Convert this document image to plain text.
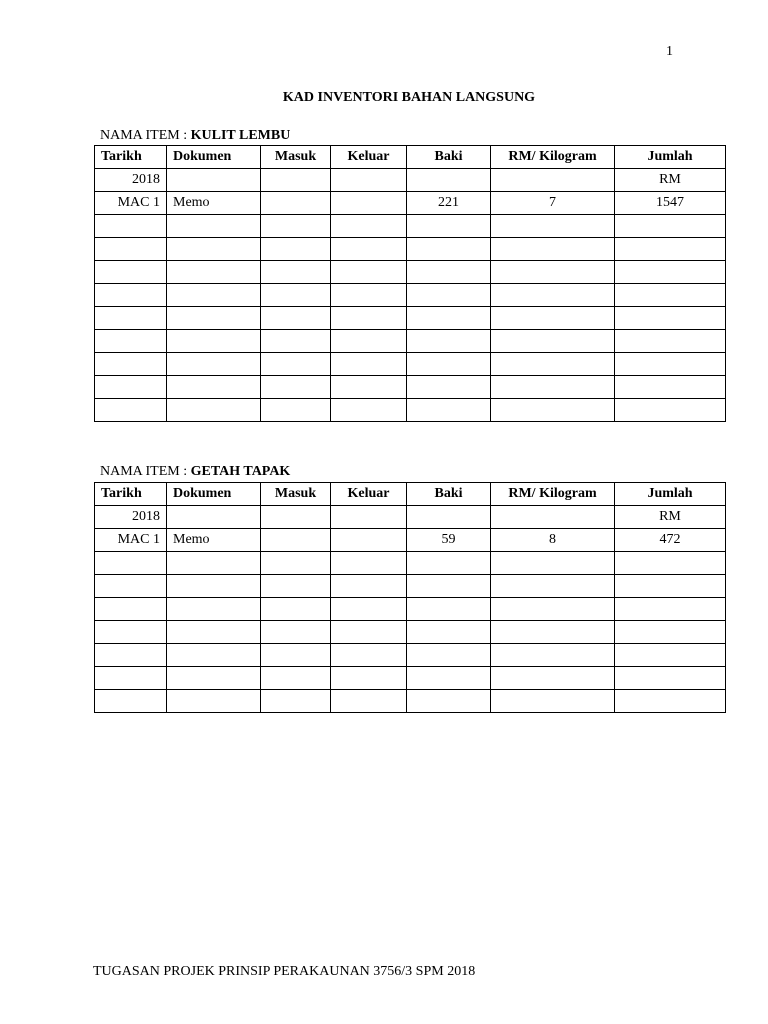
1
KAD INVENTORI BAHAN LANGSUNG
NAMA ITEM : KULIT LEMBU
Tarikh	Dokumen	Masuk	Keluar	Baki	RM/ Kilogram	Jumlah
2018						RM
MAC 1	Memo			221	7	1547

NAMA ITEM : GETAH TAPAK
Tarikh	Dokumen	Masuk	Keluar	Baki	RM/ Kilogram	Jumlah
2018						RM
MAC 1	Memo			59	8	472

TUGASAN PROJEK PRINSIP PERAKAUNAN 3756/3 SPM 2018
